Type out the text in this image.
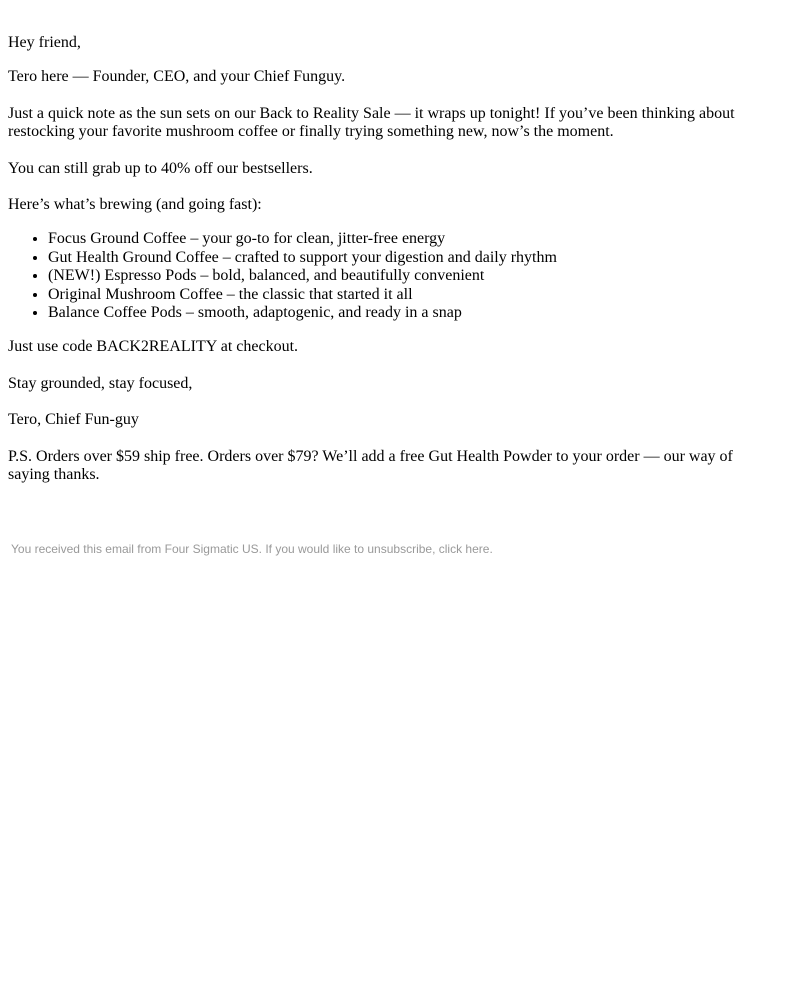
Hey friend,

Tero here — Founder, CEO, and your Chief Funguy.

Just a quick note as the sun sets on our Back to Reality Sale — it wraps up tonight! If you’ve been thinking about restocking your favorite mushroom coffee or finally trying something new, now’s the moment.

You can still grab up to 40% off our bestsellers.

Here’s what’s brewing (and going fast):

• Focus Ground Coffee – your go-to for clean, jitter-free energy
• Gut Health Ground Coffee – crafted to support your digestion and daily rhythm
• (NEW!) Espresso Pods – bold, balanced, and beautifully convenient
• Original Mushroom Coffee – the classic that started it all
• Balance Coffee Pods – smooth, adaptogenic, and ready in a snap

Just use code BACK2REALITY at checkout.

Stay grounded, stay focused,

Tero, Chief Fun-guy

P.S. Orders over $59 ship free. Orders over $79? We’ll add a free Gut Health Powder to your order — our way of saying thanks.

You received this email from Four Sigmatic US. If you would like to unsubscribe, click here.
